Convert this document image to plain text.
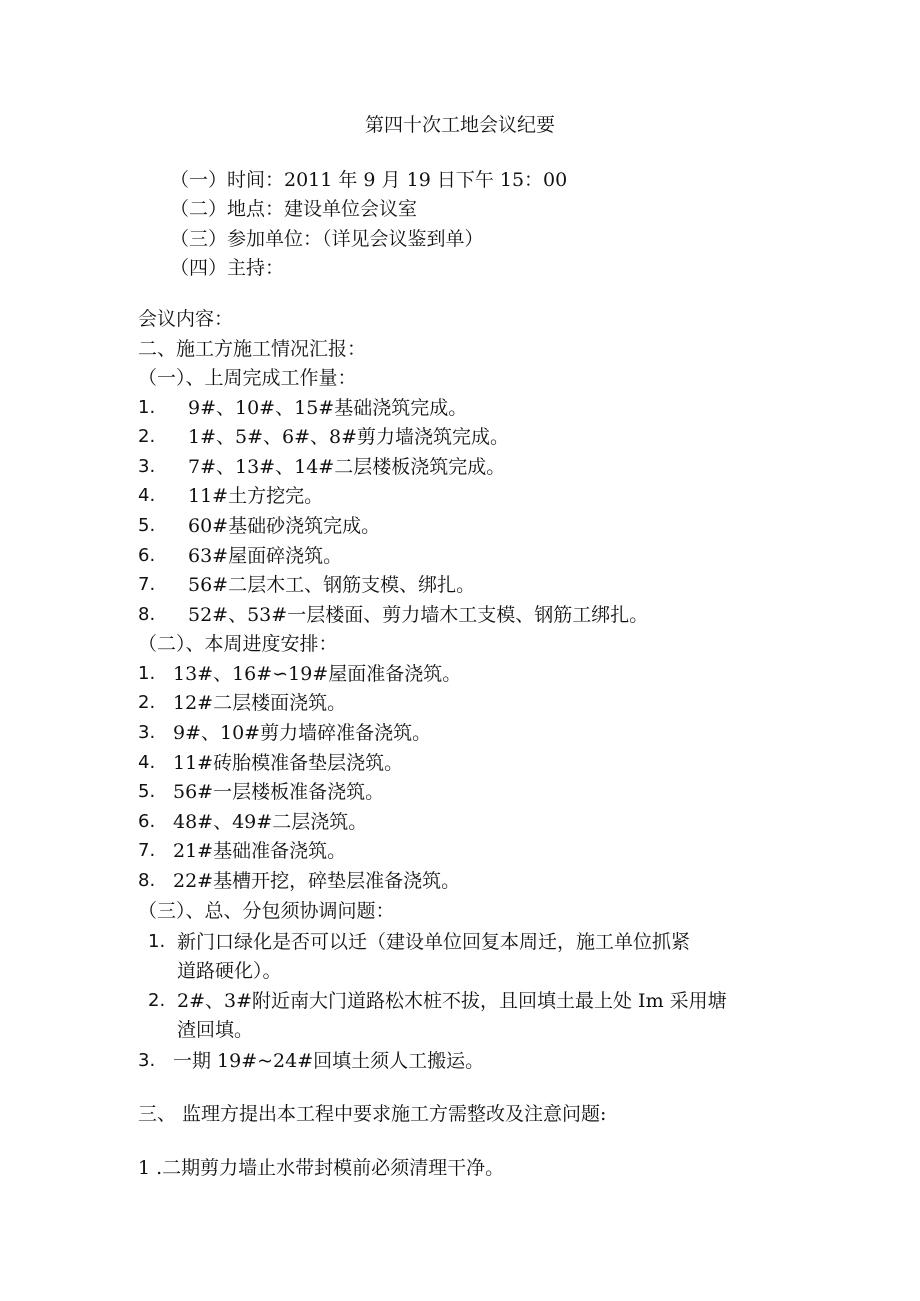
第四十次工地会议纪要
（一）时间：2011 年 9 月 19 日下午 15：00
（二）地点：建设单位会议室
（三）参加单位：（详见会议鉴到单）
（四）主持：
会议内容：
二、施工方施工情况汇报：
（一）、上周完成工作量：
1. 9#、10#、15#基础浇筑完成。
2. 1#、5#、6#、8#剪力墙浇筑完成。
3. 7#、13#、14#二层楼板浇筑完成。
4. 11#土方挖完。
5. 60#基础砂浇筑完成。
6. 63#屋面碎浇筑。
7. 56#二层木工、钢筋支模、绑扎。
8. 52#、53#一层楼面、剪力墙木工支模、钢筋工绑扎。
（二）、本周进度安排：
1. 13#、16#∽19#屋面准备浇筑。
2. 12#二层楼面浇筑。
3. 9#、10#剪力墙碎准备浇筑。
4. 11#砖胎模准备垫层浇筑。
5. 56#一层楼板准备浇筑。
6. 48#、49#二层浇筑。
7. 21#基础准备浇筑。
8. 22#基槽开挖，碎垫层准备浇筑。
（三）、总、分包须协调问题：
1. 新门口绿化是否可以迁（建设单位回复本周迁，施工单位抓紧
道路硬化）。
2. 2#、3#附近南大门道路松木桩不拔，且回填土最上处 Im 采用塘
渣回填。
3. 一期 19#~24#回填土须人工搬运。
三、 监理方提出本工程中要求施工方需整改及注意问题:
1 .二期剪力墙止水带封模前必须清理干净。
